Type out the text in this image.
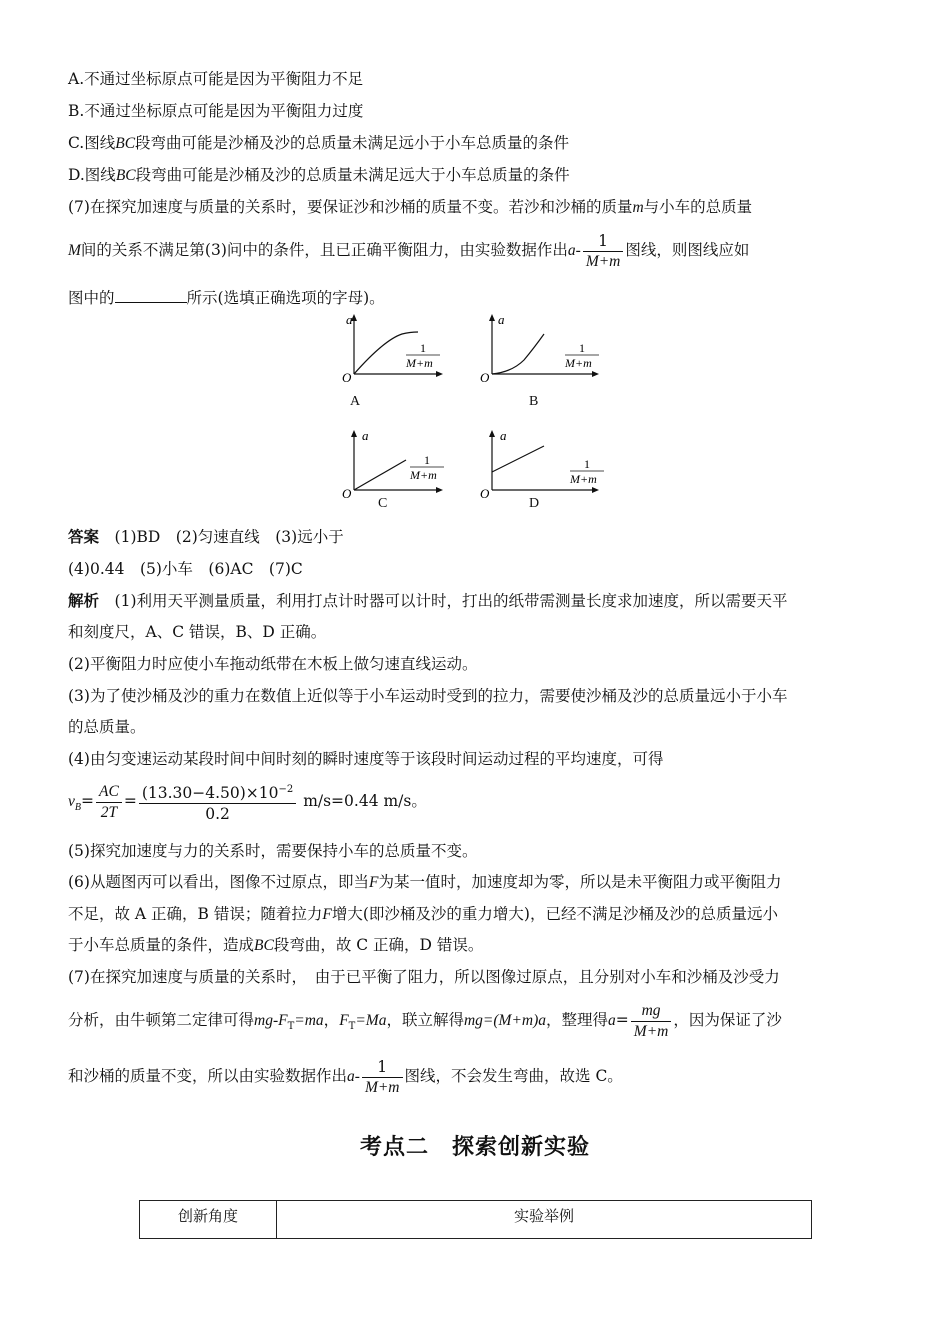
A.不通过坐标原点可能是因为平衡阻力不足
B.不通过坐标原点可能是因为平衡阻力过度
C.图线BC段弯曲可能是沙桶及沙的总质量未满足远小于小车总质量的条件
D.图线BC段弯曲可能是沙桶及沙的总质量未满足远大于小车总质量的条件
(7)在探究加速度与质量的关系时，要保证沙和沙桶的质量不变。若沙和沙桶的质量m与小车的总质量
M间的关系不满足第(3)问中的条件，且已正确平衡阻力，由实验数据作出$a- \frac{1}{M+m}$ 图线，则图线应如
图中的	所示(选填正确选项的字母)。
a
O
1
M+m
A
a
O
1
M+m
B
a
O
1
M+m
C
a
O
1
M+m
D
答案　 (1)BD　(2)匀速直线　(3)远小于
(4)0.44　(5)小车　(6)AC　(7)C
解析　 (1)利用天平测量质量，利用打点计时器可以计时，打出的纸带需测量长度求加速度，所以需要天平
和刻度尺，A、C 错误，B、D 正确。
(2)平衡阻力时应使小车拖动纸带在木板上做匀速直线运动。
(3)为了使沙桶及沙的重力在数值上近似等于小车运动时受到的拉力，需要使沙桶及沙的总质量远小于小车
的总质量。
(4)由匀变速运动某段时间中间时刻的瞬时速度等于该段时间运动过程的平均速度，可得
$v_B= \frac{AC}{2T} = \frac{(13.30-4.50)\times 10^{-2}}{0.2} m/s=0.44$ m/s。
(5)探究加速度与力的关系时，需要保持小车的总质量不变。
(6)从题图丙可以看出，图像不过原点，即当F为某一值时，加速度却为零，所以是未平衡阻力或平衡阻力
不足，故 A 正确，B 错误；随着拉力F增大(即沙桶及沙的重力增大)，已经不满足沙桶及沙的总质量远小
于小车总质量的条件，造成BC段弯曲，故 C 正确，D 错误。
(7)在探究加速度与质量的关系时，　由于已平衡了阻力，所以图像过原点，且分别对小车和沙桶及沙受力
分析，由牛顿第二定律可得$mg-F_T=ma$，$F_T=Ma$，联立解得mg=(M+m)a，整理得$a= \frac{mg}{M+m}$ ，因为保证了沙
和沙桶的质量不变，所以由实验数据作出$a- \frac{1}{M+m}$ 图线，不会发生弯曲，故选 C。
考点二　探索创新实验
创新角度	实验举例
